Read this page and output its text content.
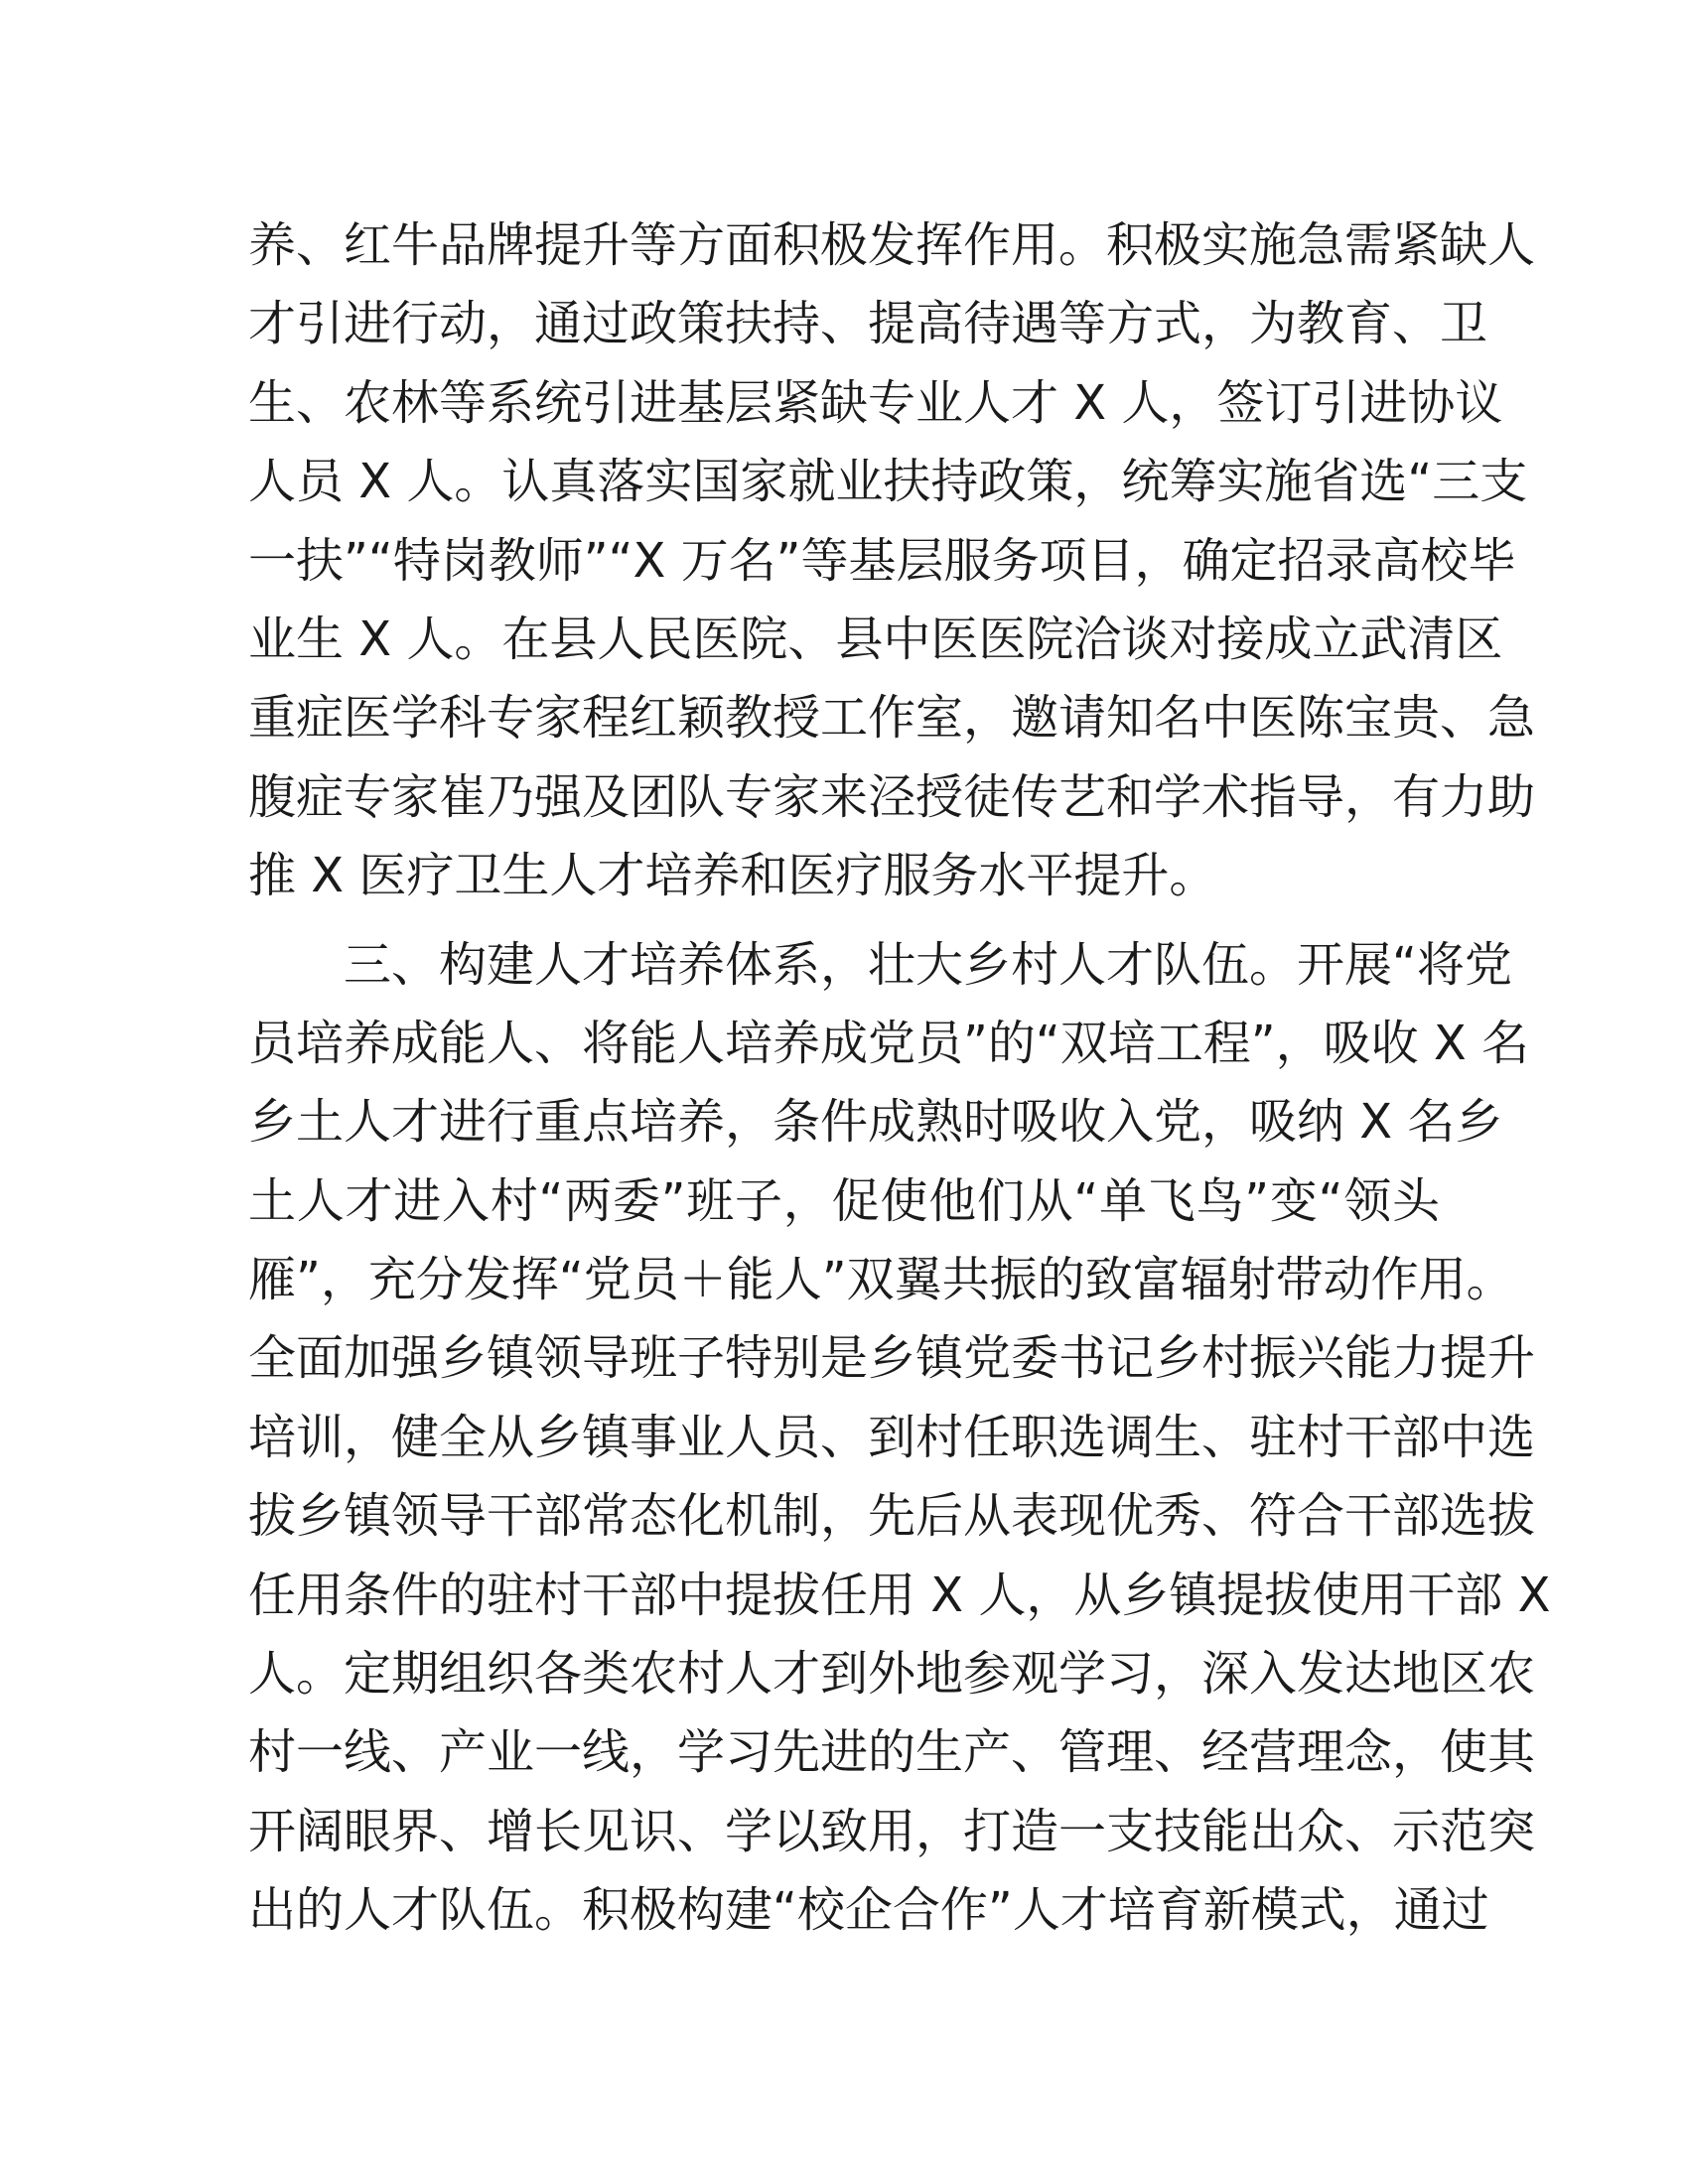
养、红牛品牌提升等方面积极发挥作用。积极实施急需紧缺人
才引进行动，通过政策扶持、提高待遇等方式，为教育、卫
生、农林等系统引进基层紧缺专业人才 X 人，签订引进协议
人员 X 人。认真落实国家就业扶持政策，统筹实施省选“三支
一扶”“特岗教师”“X 万名”等基层服务项目，确定招录高校毕
业生 X 人。在县人民医院、县中医医院洽谈对接成立武清区
重症医学科专家程红颖教授工作室，邀请知名中医陈宝贵、急
腹症专家崔乃强及团队专家来泾授徒传艺和学术指导，有力助
推 X 医疗卫生人才培养和医疗服务水平提升。
三、构建人才培养体系，壮大乡村人才队伍。开展“将党
员培养成能人、将能人培养成党员”的“双培工程”，吸收 X 名
乡土人才进行重点培养，条件成熟时吸收入党，吸纳 X 名乡
土人才进入村“两委”班子，促使他们从“单飞鸟”变“领头
雁”，充分发挥“党员＋能人”双翼共振的致富辐射带动作用。
全面加强乡镇领导班子特别是乡镇党委书记乡村振兴能力提升
培训，健全从乡镇事业人员、到村任职选调生、驻村干部中选
拔乡镇领导干部常态化机制，先后从表现优秀、符合干部选拔
任用条件的驻村干部中提拔任用 X 人，从乡镇提拔使用干部 X
人。定期组织各类农村人才到外地参观学习，深入发达地区农
村一线、产业一线，学习先进的生产、管理、经营理念，使其
开阔眼界、增长见识、学以致用，打造一支技能出众、示范突
出的人才队伍。积极构建“校企合作”人才培育新模式，通过
